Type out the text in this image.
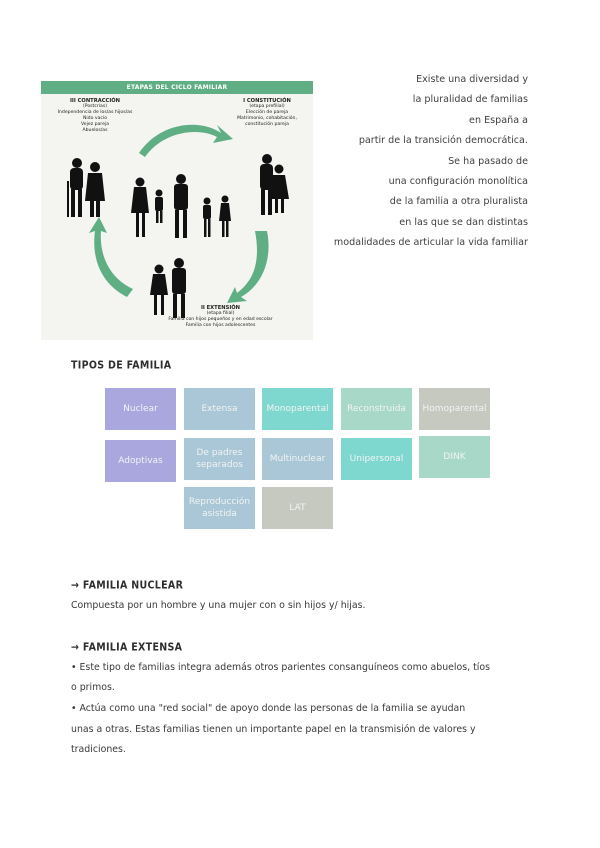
ETAPAS DEL CICLO FAMILIAR
III CONTRACCIÓN
(Postcrías)
Independencia de los/as hijos/as
Nido vacío
Vejez pareja
Abuelos/as
I CONSTITUCIÓN
(etapa prefilial)
Elección de pareja
Matrimonio, cohabitación,
constitución pareja
II EXTENSIÓN
(etapa filial)
Familia con hijos pequeños y en edad escolar
Familia con hijos adolescentes
Existe una diversidad y
la pluralidad de familias
en España a
partir de la transición democrática.
Se ha pasado de
una configuración monolítica
de la familia a otra pluralista
en las que se dan distintas
modalidades de articular la vida familiar
TIPOS DE FAMILIA
Nuclear	Extensa	Monoparental Reconstruida Homoparental
Adoptivas
De padres separados
Multinuclear	Unipersonal	DINK
Reproducción asistida
LAT
→ FAMILIA NUCLEAR
Compuesta por un hombre y una mujer con o sin hijos y/ hijas.
→ FAMILIA EXTENSA
• Este tipo de familias integra además otros parientes consanguíneos como abuelos, tíos
o primos.
• Actúa como una "red social" de apoyo donde las personas de la familia se ayudan
unas a otras. Estas familias tienen un importante papel en la transmisión de valores y
tradiciones.
